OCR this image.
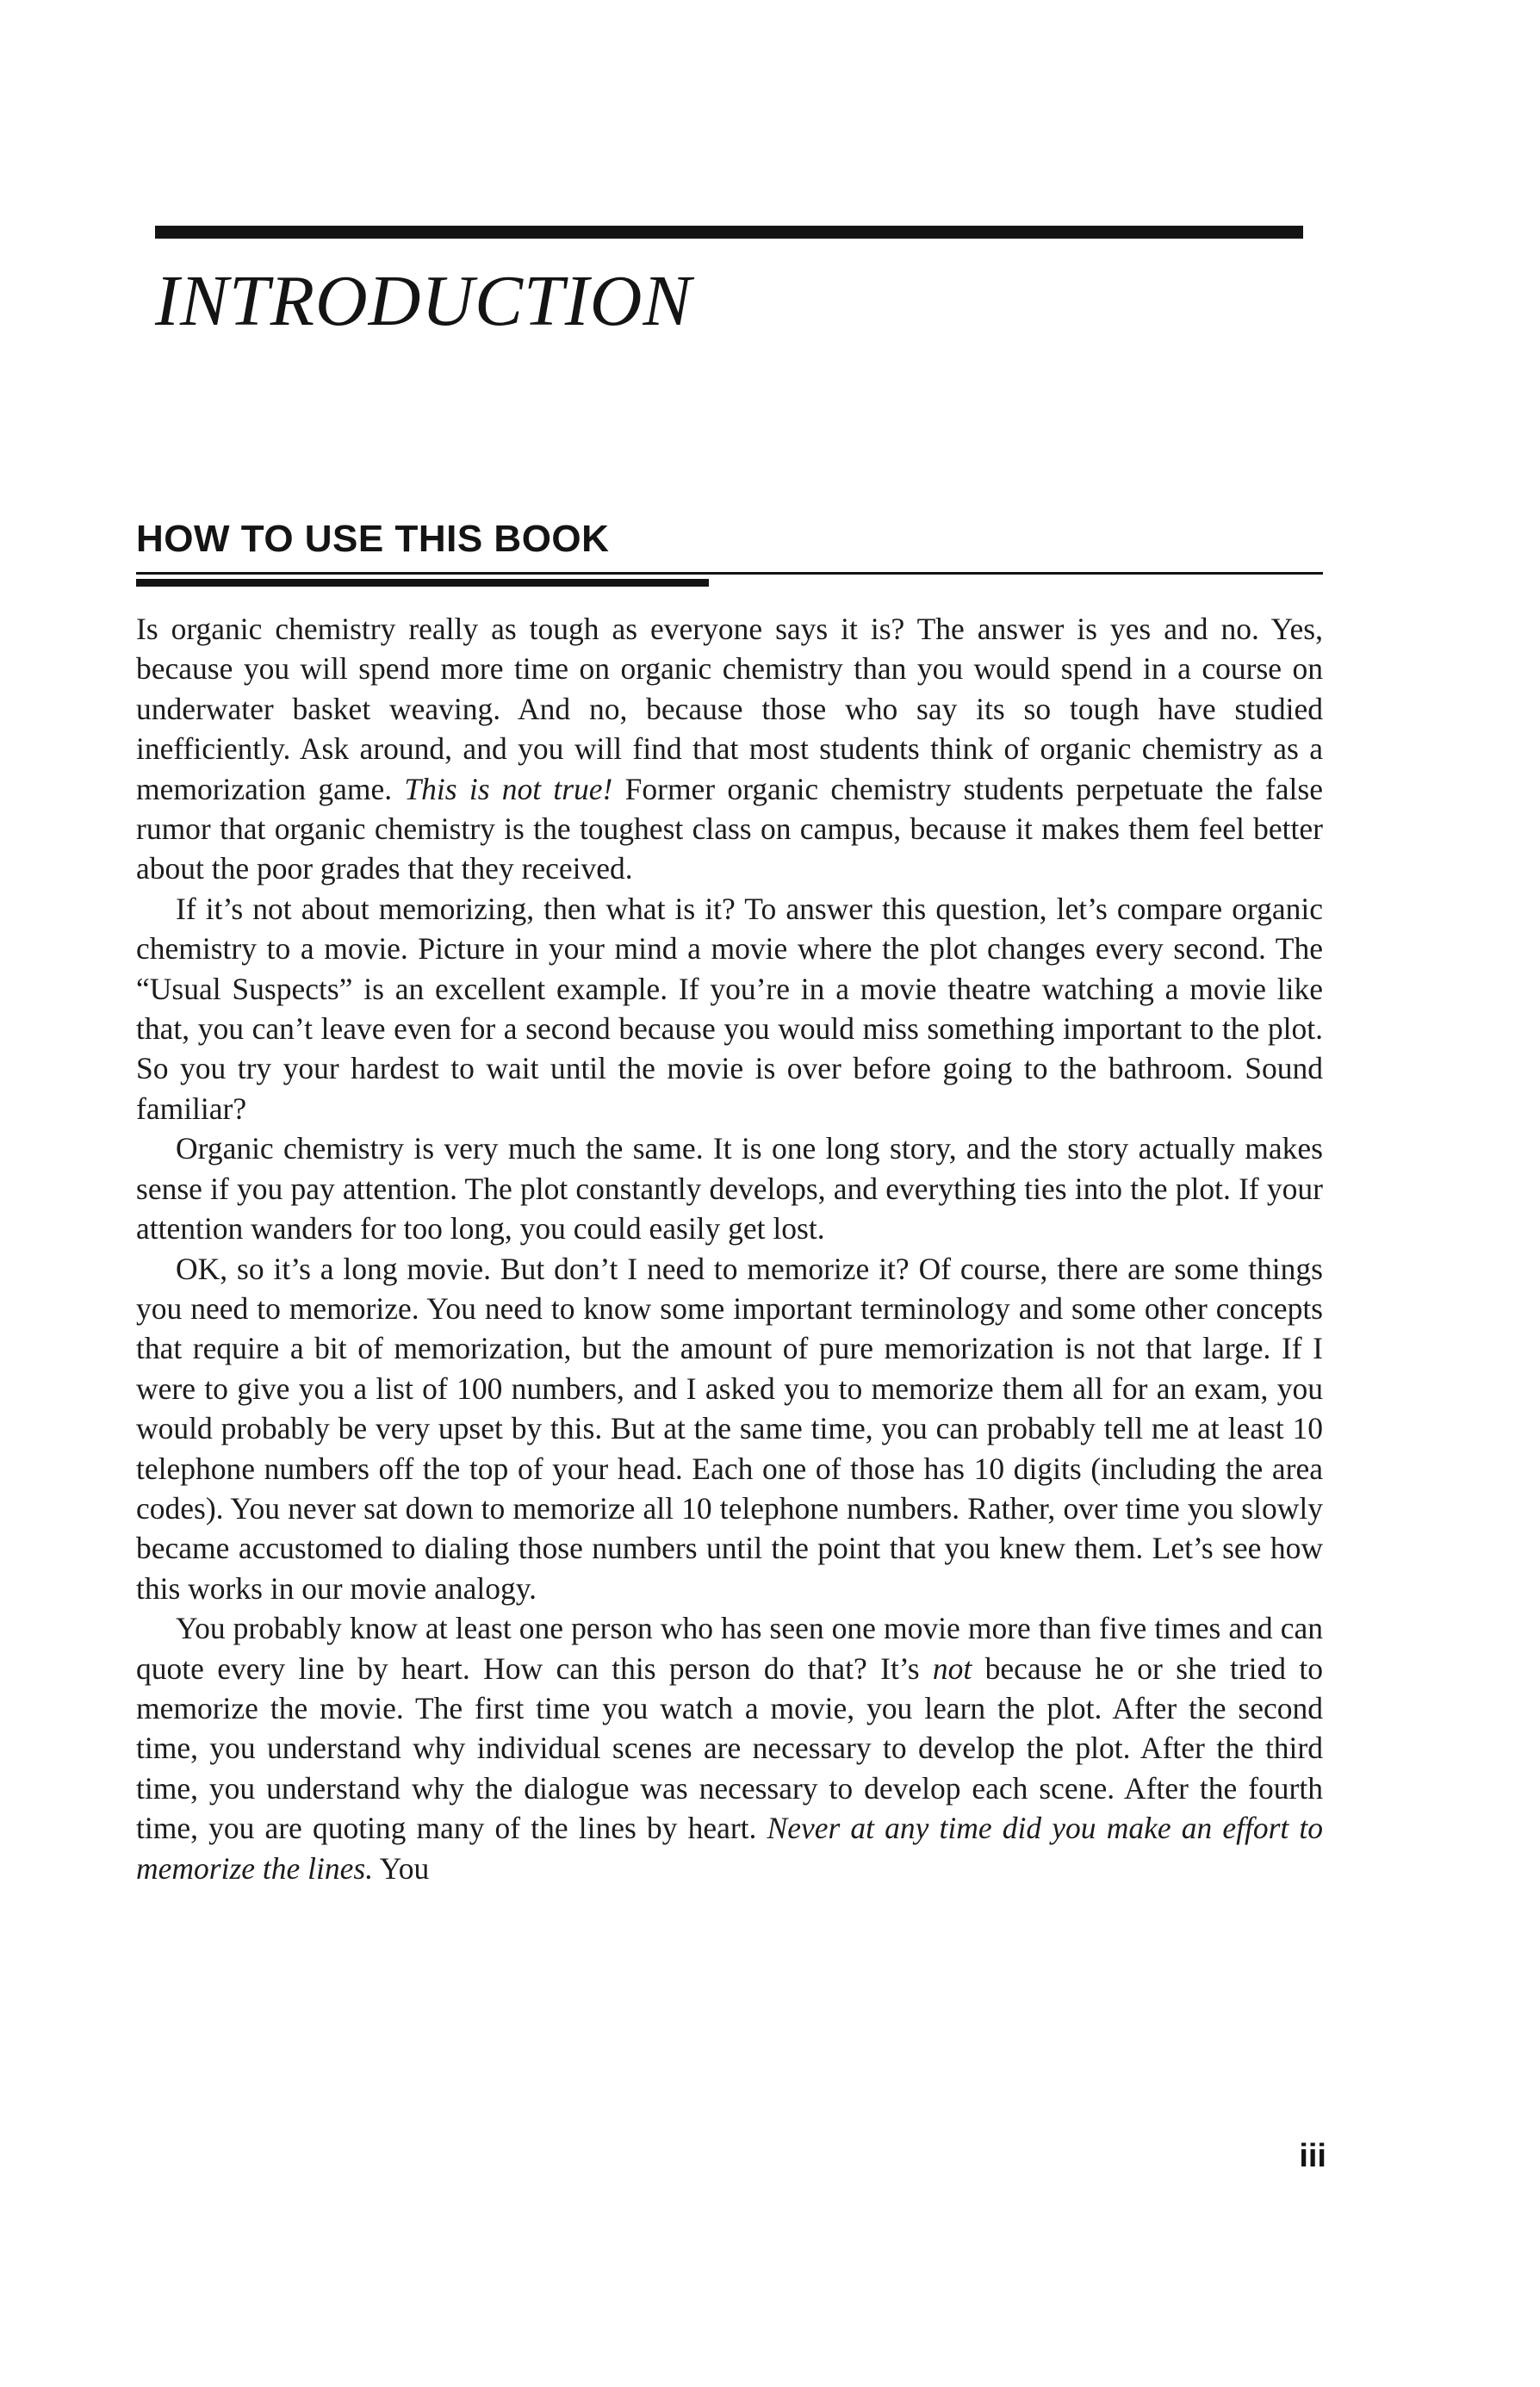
INTRODUCTION
HOW TO USE THIS BOOK

Is organic chemistry really as tough as everyone says it is? The answer is yes and no. Yes, because you will spend more time on organic chemistry than you would spend in a course on underwater basket weaving. And no, because those who say its so tough have studied inefficiently. Ask around, and you will find that most students think of organic chemistry as a memorization game. This is not true! Former organic chemistry students perpetuate the false rumor that organic chemistry is the toughest class on campus, because it makes them feel better about the poor grades that they received.

If it’s not about memorizing, then what is it? To answer this question, let’s compare organic chemistry to a movie. Picture in your mind a movie where the plot changes every second. The “Usual Suspects” is an excellent example. If you’re in a movie theatre watching a movie like that, you can’t leave even for a second because you would miss something important to the plot. So you try your hardest to wait until the movie is over before going to the bathroom. Sound familiar?

Organic chemistry is very much the same. It is one long story, and the story actually makes sense if you pay attention. The plot constantly develops, and everything ties into the plot. If your attention wanders for too long, you could easily get lost.

OK, so it’s a long movie. But don’t I need to memorize it? Of course, there are some things you need to memorize. You need to know some important terminology and some other concepts that require a bit of memorization, but the amount of pure memorization is not that large. If I were to give you a list of 100 numbers, and I asked you to memorize them all for an exam, you would probably be very upset by this. But at the same time, you can probably tell me at least 10 telephone numbers off the top of your head. Each one of those has 10 digits (including the area codes). You never sat down to memorize all 10 telephone numbers. Rather, over time you slowly became accustomed to dialing those numbers until the point that you knew them. Let’s see how this works in our movie analogy.

You probably know at least one person who has seen one movie more than five times and can quote every line by heart. How can this person do that? It’s not because he or she tried to memorize the movie. The first time you watch a movie, you learn the plot. After the second time, you understand why individual scenes are necessary to develop the plot. After the third time, you understand why the dialogue was necessary to develop each scene. After the fourth time, you are quoting many of the lines by heart. Never at any time did you make an effort to memorize the lines. You

iii
